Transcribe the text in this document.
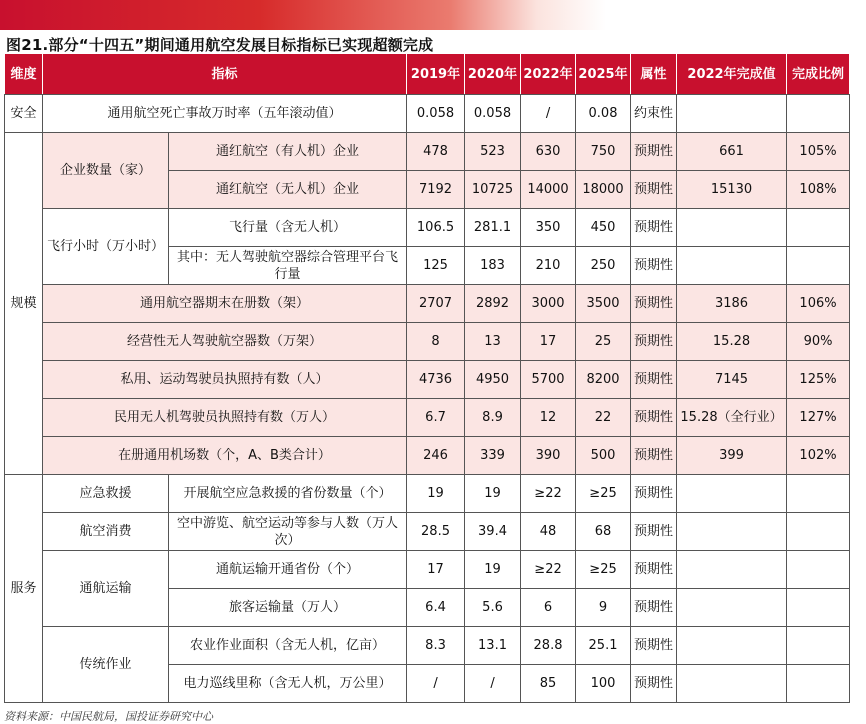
图21.部分“十四五”期间通用航空发展目标指标已实现超额完成
维度	指标		2019年	2020年	2022年	2025年	属性	2022年完成值	完成比例
安全	通用航空死亡事故万时率（五年滚动值）		0.058	0.058	/	0.08	约束性		
规模	企业数量（家）	通红航空（有人机）企业	478	523	630	750	预期性	661	105%
		通红航空（无人机）企业	7192	10725	14000	18000	预期性	15130	108%
	飞行小时（万小时）	飞行量（含无人机）	106.5	281.1	350	450	预期性		
		其中：无人驾驶航空器综合管理平台飞行量	125	183	210	250	预期性		
	通用航空器期末在册数（架）		2707	2892	3000	3500	预期性	3186	106%
	经营性无人驾驶航空器数（万架）		8	13	17	25	预期性	15.28	90%
	私用、运动驾驶员执照持有数（人）		4736	4950	5700	8200	预期性	7145	125%
	民用无人机驾驶员执照持有数（万人）		6.7	8.9	12	22	预期性	15.28（全行业）	127%
	在册通用机场数（个，A、B类合计）		246	339	390	500	预期性	399	102%
服务	应急救援	开展航空应急救援的省份数量（个）	19	19	≥22	≥25	预期性		
	航空消费	空中游览、航空运动等参与人数（万人次）	28.5	39.4	48	68	预期性		
	通航运输	通航运输开通省份（个）	17	19	≥22	≥25	预期性		
		旅客运输量（万人）	6.4	5.6	6	9	预期性		
	传统作业	农业作业面积（含无人机，亿亩）	8.3	13.1	28.8	25.1	预期性		
		电力巡线里称（含无人机，万公里）	/	/	85	100	预期性		
资料来源：中国民航局，国投证券研究中心
